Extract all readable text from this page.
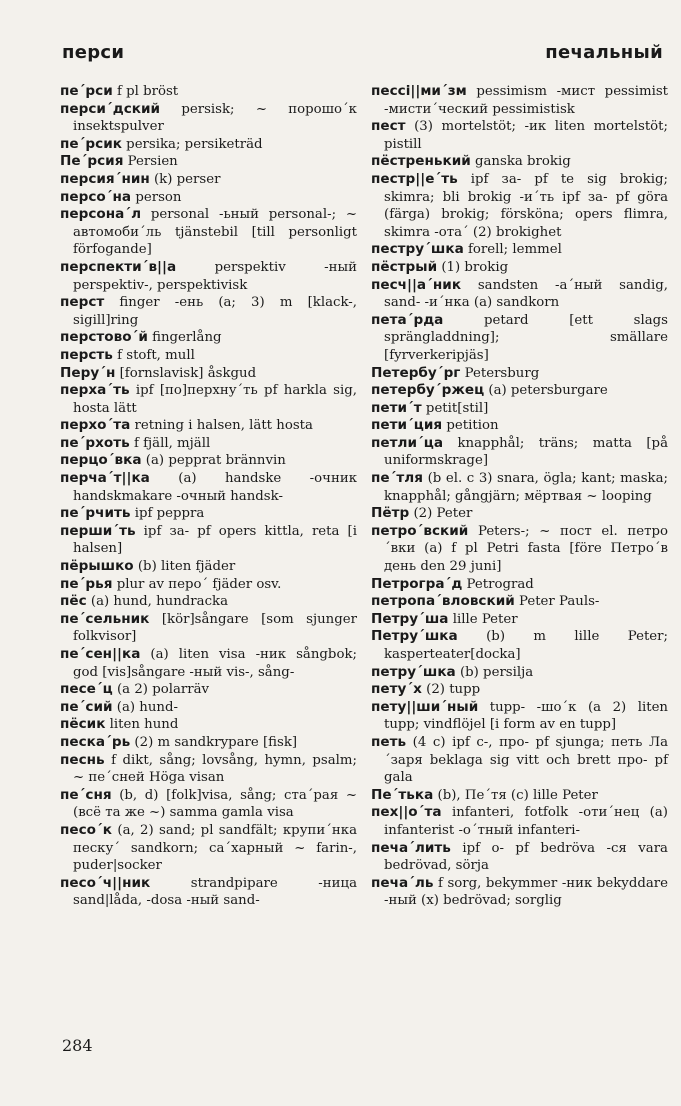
перси	печальный

пе´рси f pl bröst

перси´дский persisk; ~ порошо´к insektspulver

пе´рсик persika; persiketräd

Пе´рсия Persien

персия´нин (k) perser

персо´на person

персона´л personal -ьный personal-; ~ автомоби´ль tjänstebil [till personligt förfogande]

перспекти´в||а perspektiv -ный perspektiv-, perspektivisk

перст finger -ень (a; 3) m [klack-, sigill]ring

перстово´й fingerlång

персть f stoft, mull

Перу´н [fornslavisk] åskgud

перха´ть ipf [по]перхну´ть pf harkla sig, hosta lätt

перхо´та retning i halsen, lätt hosta

пе´рхоть f fjäll, mjäll

перцо´вка (a) pepprat brännvin

перча´т||ка (a) handske -очник handskmakare -очный handsk-

пе´рчить ipf peppra

перши´ть ipf за- pf opers kittla, reta [i halsen]

пёрышко (b) liten fjäder

пе´рья plur av перо´ fjäder osv.

пёс (a) hund, hundracka

пе´сельник [kör]sångare [som sjunger folkvisor]

пе´сен||ка (a) liten visa -ник sångbok; god [vis]sångare -ный vis-, sång-

песе´ц (a 2) polarräv

пе´сий (a) hund-

пёсик liten hund

песка´рь (2) m sandkrypare [fisk]

песнь f dikt, sång; lovsång, hymn, psalm; ~ пе´сней Höga visan

пе´сня (b, d) [folk]visa, sång; ста´рая ~ (всё та же ~) samma gamla visa

песо´к (a, 2) sand; pl sandfält; крупи´нка песку´ sandkorn; са´харный ~ farin-, puder|socker

песо´ч||ник strandpipare -ница sand|låda, -dosa -ный sand-

пессі||ми´зм pessimism -мист pessimist -мисти´ческий pessimistisk

пест (3) mortelstöt; -ик liten mortelstöt; pistill

пёстренький ganska brokig

пестр||е´ть ipf за- pf te sig brokig; skimra; bli brokig -и´ть ipf за- pf göra (färga) brokig; försköna; opers flimra, skimra -ота´ (2) brokighet

пестру´шка forell; lemmel

пёстрый (1) brokig

песч||а´ник sandsten -а´ный sandig, sand- -и´нка (a) sandkorn

пета´рда petard [ett slags sprängladdning]; smällare [fyrverkeripjäs]

Петербу´рг Petersburg

петербу´ржец (a) petersburgare

пети´т petit[stil]

пети´ция petition

петли´ца knapphål; träns; matta [på uniformskrage]

пе´тля (b el. c 3) snara, ögla; kant; maska; knapphål; gångjärn; мёртвая ~ looping

Пётр (2) Peter

петро´вский Peters-; ~ пост el. петро´вки (a) f pl Petri fasta [före Петро´в день den 29 juni]

Петрогра´д Petrograd

петропа´вловский Peter Pauls-

Петру´ша lille Peter

Петру´шка (b) m lille Peter; kasperteater[docka]

петру´шка (b) persilja

пету´х (2) tupp

пету||ши´ный tupp- -шо´к (a 2) liten tupp; vindflöjel [i form av en tupp]

петь (4 c) ipf с-, про- pf sjunga; петь Ла´заря beklaga sig vitt och brett про- pf gala

Пе´тька (b), Пе´тя (c) lille Peter

пех||о´та infanteri, fotfolk -оти´нец (a) infanterist -о´тный infanteri-

печа´лить ipf о- pf bedröva -ся vara bedrövad, sörja

печа´ль f sorg, bekymmer -ник bekyddare -ный (x) bedrövad; sorglig

284
